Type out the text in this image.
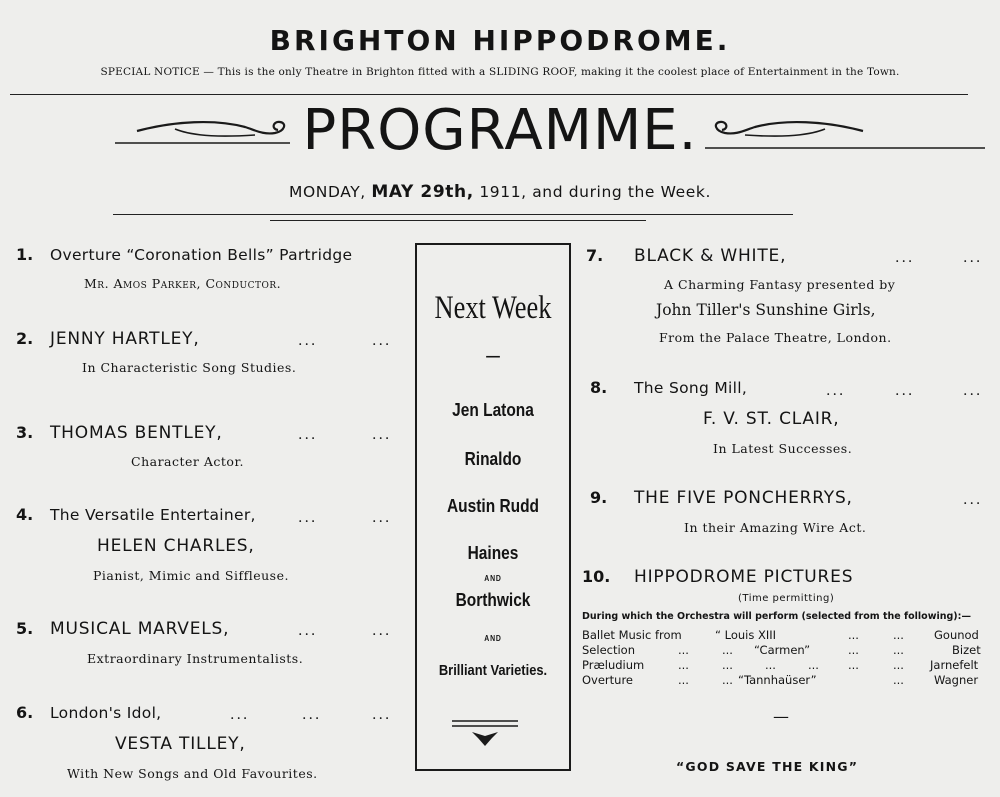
BRIGHTON HIPPODROME.
SPECIAL NOTICE — This is the only Theatre in Brighton fitted with a SLIDING ROOF, making it the coolest place of Entertainment in the Town.
PROGRAMME.
MONDAY, MAY 29th, 1911, and during the Week.
1. Overture “Coronation Bells” Partridge
Mr. Amos Parker, Conductor.
2. JENNY HARTLEY,	...	...
In Characteristic Song Studies.
3. THOMAS BENTLEY,	...	...
Character Actor.
4. The Versatile Entertainer,	...	...
HELEN CHARLES,
Pianist, Mimic and Siffleuse.
5. MUSICAL MARVELS,	...	...
Extraordinary Instrumentalists.
6. London's Idol,	...	...	...
VESTA TILLEY,
With New Songs and Old Favourites.
Next Week
—
Jen Latona
Rinaldo
Austin Rudd
Haines
AND
Borthwick
AND
Brilliant Varieties.
7. BLACK & WHITE,	...	...
A Charming Fantasy presented by
John Tiller's Sunshine Girls,
From the Palace Theatre, London.
8. The Song Mill,	...	...	...
F. V. ST. CLAIR,
In Latest Successes.
9. THE FIVE PONCHERRYS,	...
In their Amazing Wire Act.
10. HIPPODROME PICTURES
(Time permitting)
During which the Orchestra will perform (selected from the following):—
Ballet Music from	“ Louis XIII	...	...	Gounod
Selection	...	... “Carmen”	...	...	Bizet
Præludium	...	...	...	...	...	... Jarnefelt
Overture	...	... “Tannhaüser”	...	Wagner
—
“GOD SAVE THE KING”
